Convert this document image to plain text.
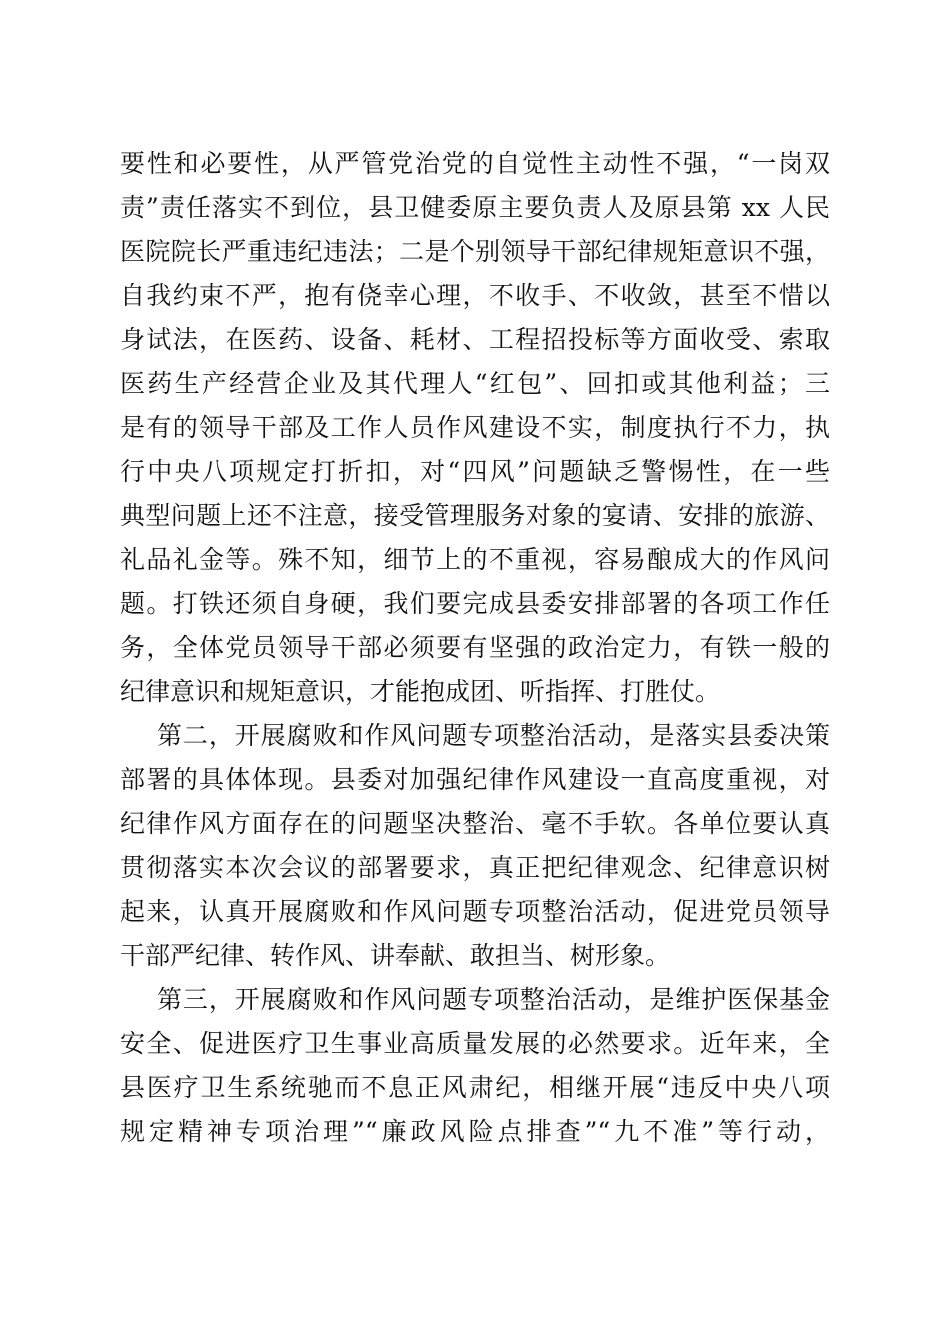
要性和必要性，从严管党治党的自觉性主动性不强，“一岗双
责”责任落实不到位，县卫健委原主要负责人及原县第 xx 人民
医院院长严重违纪违法；二是个别领导干部纪律规矩意识不强，
自我约束不严，抱有侥幸心理，不收手、不收敛，甚至不惜以
身试法，在医药、设备、耗材、工程招投标等方面收受、索取
医药生产经营企业及其代理人“红包”、回扣或其他利益；三
是有的领导干部及工作人员作风建设不实，制度执行不力，执
行中央八项规定打折扣，对“四风”问题缺乏警惕性，在一些
典型问题上还不注意，接受管理服务对象的宴请、安排的旅游、
礼品礼金等。殊不知，细节上的不重视，容易酿成大的作风问
题。打铁还须自身硬，我们要完成县委安排部署的各项工作任
务，全体党员领导干部必须要有坚强的政治定力，有铁一般的
纪律意识和规矩意识，才能抱成团、听指挥、打胜仗。
第二，开展腐败和作风问题专项整治活动，是落实县委决策
部署的具体体现。县委对加强纪律作风建设一直高度重视，对
纪律作风方面存在的问题坚决整治、毫不手软。各单位要认真
贯彻落实本次会议的部署要求，真正把纪律观念、纪律意识树
起来，认真开展腐败和作风问题专项整治活动，促进党员领导
干部严纪律、转作风、讲奉献、敢担当、树形象。
第三，开展腐败和作风问题专项整治活动，是维护医保基金
安全、促进医疗卫生事业高质量发展的必然要求。近年来，全
县医疗卫生系统驰而不息正风肃纪，相继开展“违反中央八项
规定精神专项治理”“廉政风险点排查”“九不准”等行动，
